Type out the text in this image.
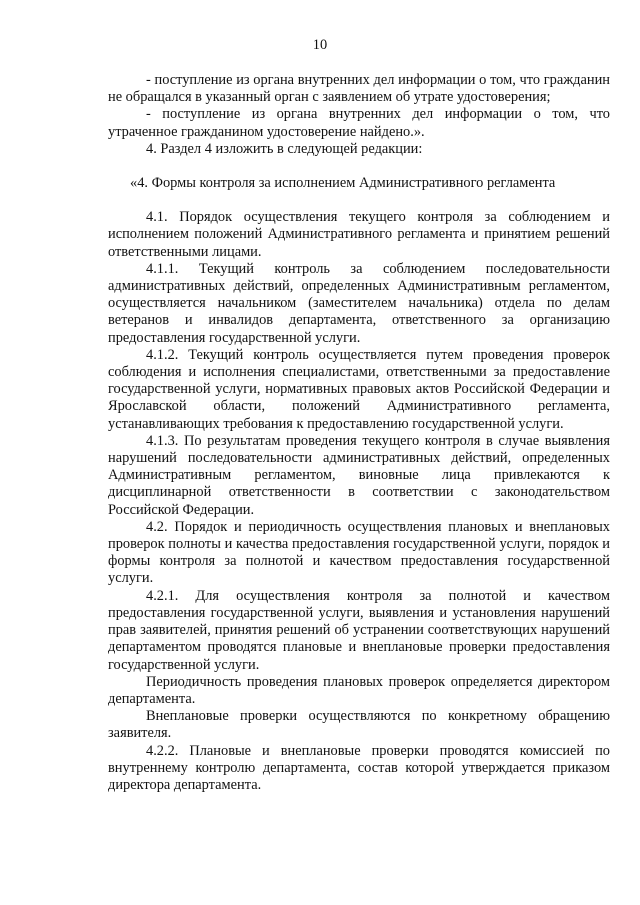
10

- поступление из органа внутренних дел информации о том, что гражданин не обращался в указанный орган с заявлением об утрате удостоверения;

- поступление из органа внутренних дел информации о том, что утраченное гражданином удостоверение найдено.».

4. Раздел 4 изложить в следующей редакции:

«4. Формы контроля за исполнением Административного регламента

4.1. Порядок осуществления текущего контроля за соблюдением и исполнением положений Административного регламента и принятием решений ответственными лицами.

4.1.1. Текущий контроль за соблюдением последовательности административных действий, определенных Административным регламентом, осуществляется начальником (заместителем начальника) отдела по делам ветеранов и инвалидов департамента, ответственного за организацию предоставления государственной услуги.

4.1.2. Текущий контроль осуществляется путем проведения проверок соблюдения и исполнения специалистами, ответственными за предоставление государственной услуги, нормативных правовых актов Российской Федерации и Ярославской области, положений Административного регламента, устанавливающих требования к предоставлению государственной услуги.

4.1.3. По результатам проведения текущего контроля в случае выявления нарушений последовательности административных действий, определенных Административным регламентом, виновные лица привлекаются к дисциплинарной ответственности в соответствии с законодательством Российской Федерации.

4.2. Порядок и периодичность осуществления плановых и внеплановых проверок полноты и качества предоставления государственной услуги, порядок и формы контроля за полнотой и качеством предоставления государственной услуги.

4.2.1. Для осуществления контроля за полнотой и качеством предоставления государственной услуги, выявления и установления нарушений прав заявителей, принятия решений об устранении соответствующих нарушений департаментом проводятся плановые и внеплановые проверки предоставления государственной услуги.

Периодичность проведения плановых проверок определяется директором департамента.

Внеплановые проверки осуществляются по конкретному обращению заявителя.

4.2.2. Плановые и внеплановые проверки проводятся комиссией по внутреннему контролю департамента, состав которой утверждается приказом директора департамента.
